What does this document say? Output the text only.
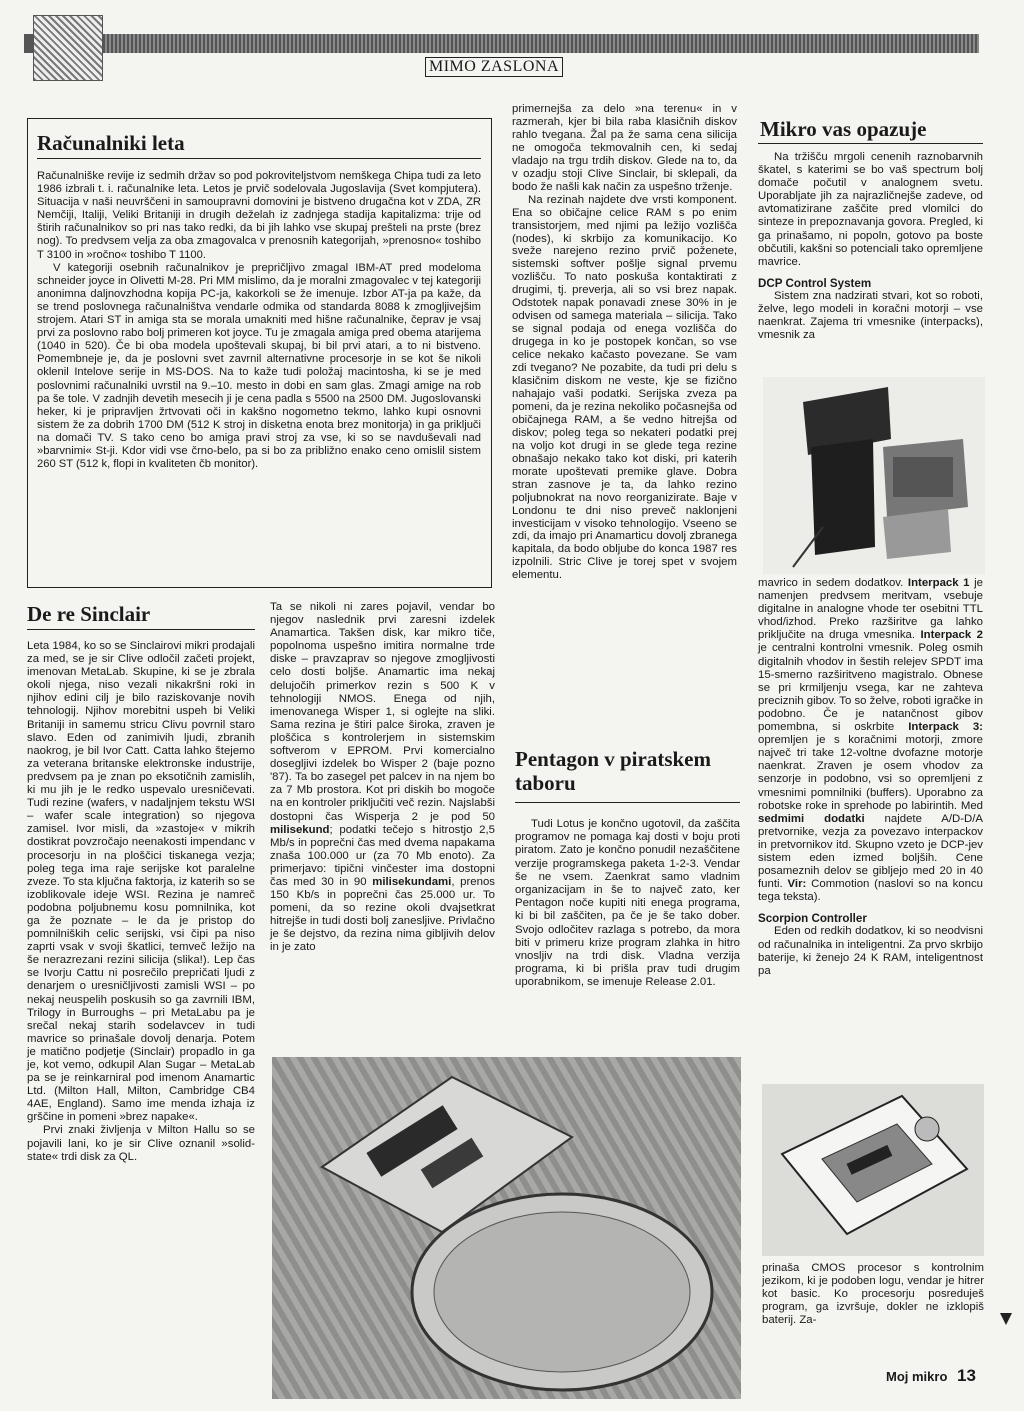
MIMO ZASLONA
Računalniki leta

Računalniške revije iz sedmih držav so pod pokroviteljstvom nemškega Chipa tudi za leto 1986 izbrali t. i. računalnike leta. Letos je prvič sodelovala Jugoslavija (Svet kompjutera). Situacija v naši neuvrščeni in samoupravni domovini je bistveno drugačna kot v ZDA, ZR Nemčiji, Italiji, Veliki Britaniji in drugih deželah iz zadnjega stadija kapitalizma: trije od štirih računalnikov so pri nas tako redki, da bi jih lahko vse skupaj prešteli na prste (brez nog). To predvsem velja za oba zmagovalca v prenosnih kategorijah, »prenosno« toshibo T 3100 in »ročno« toshibo T 1100.

V kategoriji osebnih računalnikov je prepričljivo zmagal IBM-AT pred modeloma schneider joyce in Olivetti M-28. Pri MM mislimo, da je moralni zmagovalec v tej kategoriji anonimna daljnovzhodna kopija PC-ja, kakorkoli se že imenuje. Izbor AT-ja pa kaže, da se trend poslovnega računalništva vendarle odmika od standarda 8088 k zmogljivejšim strojem. Atari ST in amiga sta se morala umakniti med hišne računalnike, čeprav je vsaj prvi za poslovno rabo bolj primeren kot joyce. Tu je zmagala amiga pred obema atarijema (1040 in 520). Če bi oba modela upoštevali skupaj, bi bil prvi atari, a to ni bistveno. Pomembneje je, da je poslovni svet zavrnil alternativne procesorje in se kot še nikoli oklenil Intelove serije in MS-DOS. Na to kaže tudi položaj macintosha, ki se je med poslovnimi računalniki uvrstil na 9.–10. mesto in dobi en sam glas. Zmagi amige na rob pa še tole. V zadnjih devetih mesecih ji je cena padla s 5500 na 2500 DM. Jugoslovanski heker, ki je pripravljen žrtvovati oči in kakšno nogometno tekmo, lahko kupi osnovni sistem že za dobrih 1700 DM (512 K stroj in disketna enota brez monitorja) in ga priključi na domači TV. S tako ceno bo amiga pravi stroj za vse, ki so se navduševali nad »barvnimi« St-ji. Kdor vidi vse črno-belo, pa si bo za približno enako ceno omislil sistem 260 ST (512 k, flopi in kvaliteten čb monitor).

De re Sinclair

Leta 1984, ko so se Sinclairovi mikri prodajali za med, se je sir Clive odločil začeti projekt, imenovan MetaLab. Skupine, ki se je zbrala okoli njega, niso vezali nikakršni roki in njihov edini cilj je bilo raziskovanje novih tehnologij. Njihov morebitni uspeh bi Veliki Britaniji in samemu stricu Clivu povrnil staro slavo. Eden od zanimivih ljudi, zbranih naokrog, je bil Ivor Catt. Catta lahko štejemo za veterana britanske elektronske industrije, predvsem pa je znan po eksotičnih zamislih, ki mu jih je le redko uspevalo uresničevati. Tudi rezine (wafers, v nadaljnjem tekstu WSI – wafer scale integration) so njegova zamisel. Ivor misli, da »zastoje« v mikrih dostikrat povzročajo neenakosti impendanc v procesorju in na ploščici tiskanega vezja; poleg tega ima raje serijske kot paralelne zveze. To sta ključna faktorja, iz katerih so se izoblikovale ideje WSI. Rezina je namreč podobna poljubnemu kosu pomnilnika, kot ga že poznate – le da je pristop do pomnilniških celic serijski, vsi čipi pa niso zaprti vsak v svoji škatlici, temveč ležijo na še nerazrezani rezini silicija (slika!). Lep čas se Ivorju Cattu ni posrečilo prepričati ljudi z denarjem o uresničljivosti zamisli WSI – po nekaj neuspelih poskusih so ga zavrnili IBM, Trilogy in Burroughs – pri MetaLabu pa je srečal nekaj starih sodelavcev in tudi mavrice so prinašale dovolj denarja. Potem je matično podjetje (Sinclair) propadlo in ga je, kot vemo, odkupil Alan Sugar – MetaLab pa se je reinkarniral pod imenom Anamartic Ltd. (Milton Hall, Milton, Cambridge CB4 4AE, England). Samo ime menda izhaja iz grščine in pomeni »brez napake«.

Prvi znaki življenja v Milton Hallu so se pojavili lani, ko je sir Clive oznanil »solid-state« trdi disk za QL.

Ta se nikoli ni zares pojavil, vendar bo njegov naslednik prvi zaresni izdelek Anamartica. Takšen disk, kar mikro tiče, popolnoma uspešno imitira normalne trde diske – pravzaprav so njegove zmogljivosti celo dosti boljše. Anamartic ima nekaj delujočih primerkov rezin s 500 K v tehnologiji NMOS. Enega od njih, imenovanega Wisper 1, si oglejte na sliki. Sama rezina je štiri palce široka, zraven je ploščica s kontrolerjem in sistemskim softverom v EPROM. Prvi komercialno dosegljivi izdelek bo Wisper 2 (baje pozno '87). Ta bo zasegel pet palcev in na njem bo za 7 Mb prostora. Kot pri diskih bo mogoče na en kontroler priključiti več rezin. Najslabši dostopni čas Wisperja 2 je pod 50 milisekund; podatki tečejo s hitrostjo 2,5 Mb/s in poprečni čas med dvema napakama znaša 100.000 ur (za 70 Mb enoto). Za primerjavo: tipični vinčester ima dostopni čas med 30 in 90 milisekundami, prenos 150 Kb/s in poprečni čas 25.000 ur. To pomeni, da so rezine okoli dvajsetkrat hitrejše in tudi dosti bolj zanesljive. Privlačno je še dejstvo, da rezina nima gibljivih delov in je zato

primernejša za delo »na terenu« in v razmerah, kjer bi bila raba klasičnih diskov rahlo tvegana. Žal pa že sama cena silicija ne omogoča tekmovalnih cen, ki sedaj vladajo na trgu trdih diskov. Glede na to, da v ozadju stoji Clive Sinclair, bi sklepali, da bodo že našli kak način za uspešno trženje.

Na rezinah najdete dve vrsti komponent. Ena so običajne celice RAM s po enim transistorjem, med njimi pa ležijo vozlišča (nodes), ki skrbijo za komunikacijo. Ko sveže narejeno rezino prvič poženete, sistemski softver pošlje signal prvemu vozlišču. To nato poskuša kontaktirati z drugimi, tj. preverja, ali so vsi brez napak. Odstotek napak ponavadi znese 30% in je odvisen od samega materiala – silicija. Tako se signal podaja od enega vozlišča do drugega in ko je postopek končan, so vse celice nekako kačasto povezane. Se vam zdi tvegano? Ne pozabite, da tudi pri delu s klasičnim diskom ne veste, kje se fizično nahajajo vaši podatki. Serijska zveza pa pomeni, da je rezina nekoliko počasnejša od običajnega RAM, a še vedno hitrejša od diskov; poleg tega so nekateri podatki prej na voljo kot drugi in se glede tega rezine obnašajo nekako tako kot diski, pri katerih morate upoštevati premike glave. Dobra stran zasnove je ta, da lahko rezino poljubnokrat na novo reorganizirate. Baje v Londonu te dni niso preveč naklonjeni investicijam v visoko tehnologijo. Vseeno se zdi, da imajo pri Anamarticu dovolj zbranega kapitala, da bodo obljube do konca 1987 res izpolnili. Stric Clive je torej spet v svojem elementu.

Pentagon v piratskem taboru

Tudi Lotus je končno ugotovil, da zaščita programov ne pomaga kaj dosti v boju proti piratom. Zato je končno ponudil nezaščitene verzije programskega paketa 1-2-3. Vendar še ne vsem. Zaenkrat samo vladnim organizacijam in še to največ zato, ker Pentagon noče kupiti niti enega programa, ki bi bil zaščiten, pa če je še tako dober. Svojo odločitev razlaga s potrebo, da mora biti v primeru krize program zlahka in hitro vnosljiv na trdi disk. Vladna verzija programa, ki bi prišla prav tudi drugim uporabnikom, se imenuje Release 2.01.

Mikro vas opazuje

Na tržišču mrgoli cenenih raznobarvnih škatel, s katerimi se bo vaš spectrum bolj domače počutil v analognem svetu. Uporabljate jih za najrazličnejše zadeve, od avtomatizirane zaščite pred vlomilci do sinteze in prepoznavanja govora. Pregled, ki ga prinašamo, ni popoln, gotovo pa boste občutili, kakšni so potenciali tako opremljene mavrice.

DCP Control System

Sistem zna nadzirati stvari, kot so roboti, želve, lego modeli in koračni motorji – vse naenkrat. Zajema tri vmesnike (interpacks), vmesnik za

mavrico in sedem dodatkov. Interpack 1 je namenjen predvsem meritvam, vsebuje digitalne in analogne vhode ter osebitni TTL vhod/izhod. Preko razširitve ga lahko priključite na druga vmesnika. Interpack 2 je centralni kontrolni vmesnik. Poleg osmih digitalnih vhodov in šestih relejev SPDT ima 15-smerno razširitveno magistralo. Obnese se pri krmiljenju vsega, kar ne zahteva preciznih gibov. To so želve, roboti igračke in podobno. Če je natančnost gibov pomembna, si oskrbite Interpack 3: opremljen je s koračnimi motorji, zmore največ tri take 12-voltne dvofazne motorje naenkrat. Zraven je osem vhodov za senzorje in podobno, vsi so opremljeni z vmesnimi pomnilniki (buffers). Uporabno za robotske roke in sprehode po labirintih. Med sedmimi dodatki najdete A/D-D/A pretvornike, vezja za povezavo interpackov in pretvornikov itd. Skupno vzeto je DCP-jev sistem eden izmed boljših. Cene posameznih delov se gibljejo med 20 in 40 funti. Vir: Commotion (naslovi so na koncu tega teksta).

Scorpion Controller

Eden od redkih dodatkov, ki so neodvisni od računalnika in inteligentni. Za prvo skrbijo baterije, ki ženejo 24 K RAM, inteligentnost pa

prinaša CMOS procesor s kontrolnim jezikom, ki je podoben logu, vendar je hitrer kot basic. Ko procesorju posreduješ program, ga izvršuje, dokler ne izklopiš baterij. Za-

Moj mikro 13
